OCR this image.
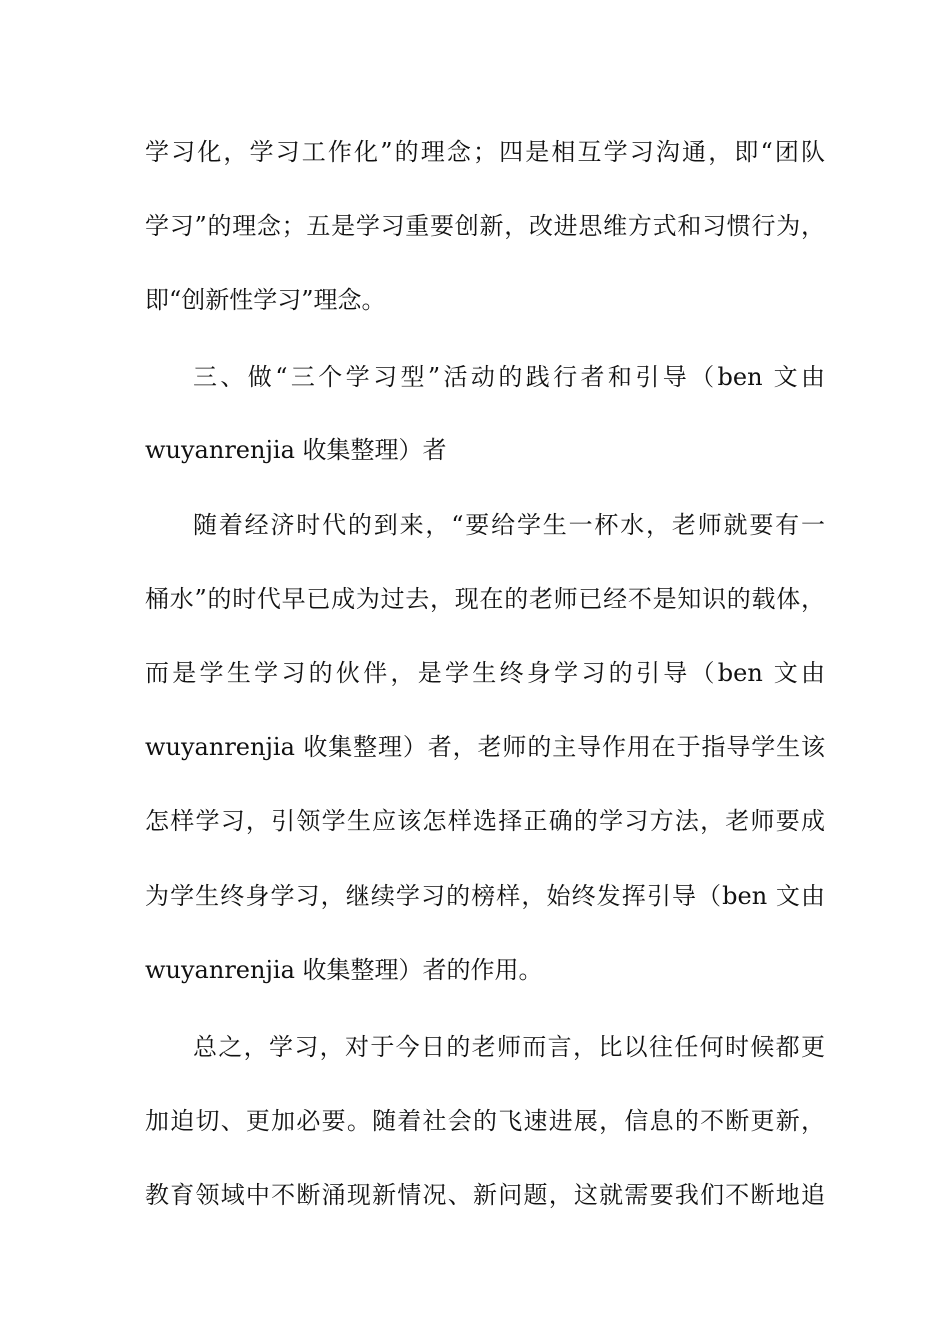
学习化，学习工作化”的理念；四是相互学习沟通，即“团队
学习”的理念；五是学习重要创新，改进思维方式和习惯行为，
即“创新性学习”理念。
三、做“三个学习型”活动的践行者和引导（ben 文由
wuyanrenjia 收集整理）者
随着经济时代的到来，“要给学生一杯水，老师就要有一
桶水”的时代早已成为过去，现在的老师已经不是知识的载体，
而是学生学习的伙伴，是学生终身学习的引导（ben 文由
wuyanrenjia 收集整理）者，老师的主导作用在于指导学生该
怎样学习，引领学生应该怎样选择正确的学习方法，老师要成
为学生终身学习，继续学习的榜样，始终发挥引导（ben 文由
wuyanrenjia 收集整理）者的作用。
总之，学习，对于今日的老师而言，比以往任何时候都更
加迫切、更加必要。随着社会的飞速进展，信息的不断更新，
教育领域中不断涌现新情况、新问题，这就需要我们不断地追
